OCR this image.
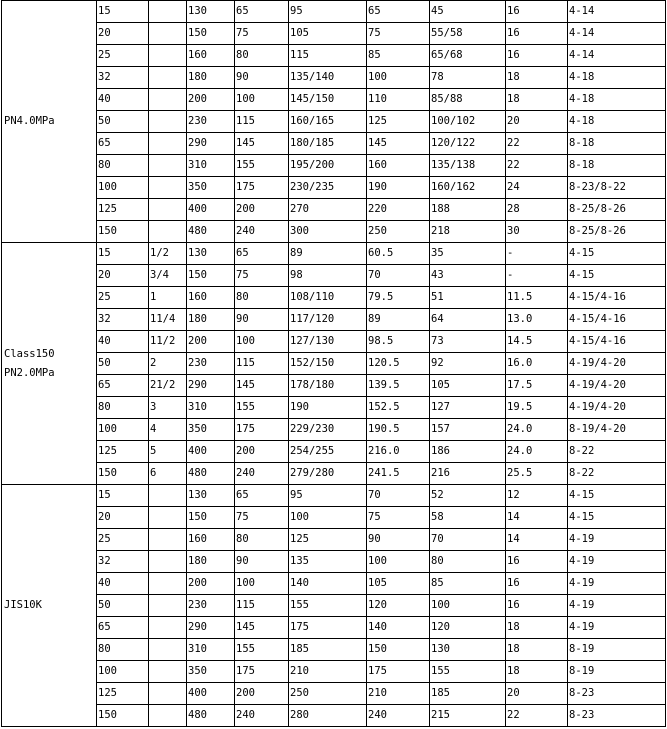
PN4.0MPa	15		130	65	95	65	45	16	4-14
	20		150	75	105	75	55/58	16	4-14
	25		160	80	115	85	65/68	16	4-14
	32		180	90	135/140	100	78	18	4-18
	40		200	100	145/150	110	85/88	18	4-18
	50		230	115	160/165	125	100/102	20	4-18
	65		290	145	180/185	145	120/122	22	8-18
	80		310	155	195/200	160	135/138	22	8-18
	100		350	175	230/235	190	160/162	24	8-23/8-22
	125		400	200	270	220	188	28	8-25/8-26
	150		480	240	300	250	218	30	8-25/8-26

Class150
PN2.0MPa	15	1/2	130	65	89	60.5	35	-	4-15
	20	3/4	150	75	98	70	43	-	4-15
	25	1	160	80	108/110	79.5	51	11.5	4-15/4-16
	32	11/4	180	90	117/120	89	64	13.0	4-15/4-16
	40	11/2	200	100	127/130	98.5	73	14.5	4-15/4-16
	50	2	230	115	152/150	120.5	92	16.0	4-19/4-20
	65	21/2	290	145	178/180	139.5	105	17.5	4-19/4-20
	80	3	310	155	190	152.5	127	19.5	4-19/4-20
	100	4	350	175	229/230	190.5	157	24.0	8-19/4-20
	125	5	400	200	254/255	216.0	186	24.0	8-22
	150	6	480	240	279/280	241.5	216	25.5	8-22

JIS10K	15		130	65	95	70	52	12	4-15
	20		150	75	100	75	58	14	4-15
	25		160	80	125	90	70	14	4-19
	32		180	90	135	100	80	16	4-19
	40		200	100	140	105	85	16	4-19
	50		230	115	155	120	100	16	4-19
	65		290	145	175	140	120	18	4-19
	80		310	155	185	150	130	18	8-19
	100		350	175	210	175	155	18	8-19
	125		400	200	250	210	185	20	8-23
	150		480	240	280	240	215	22	8-23
